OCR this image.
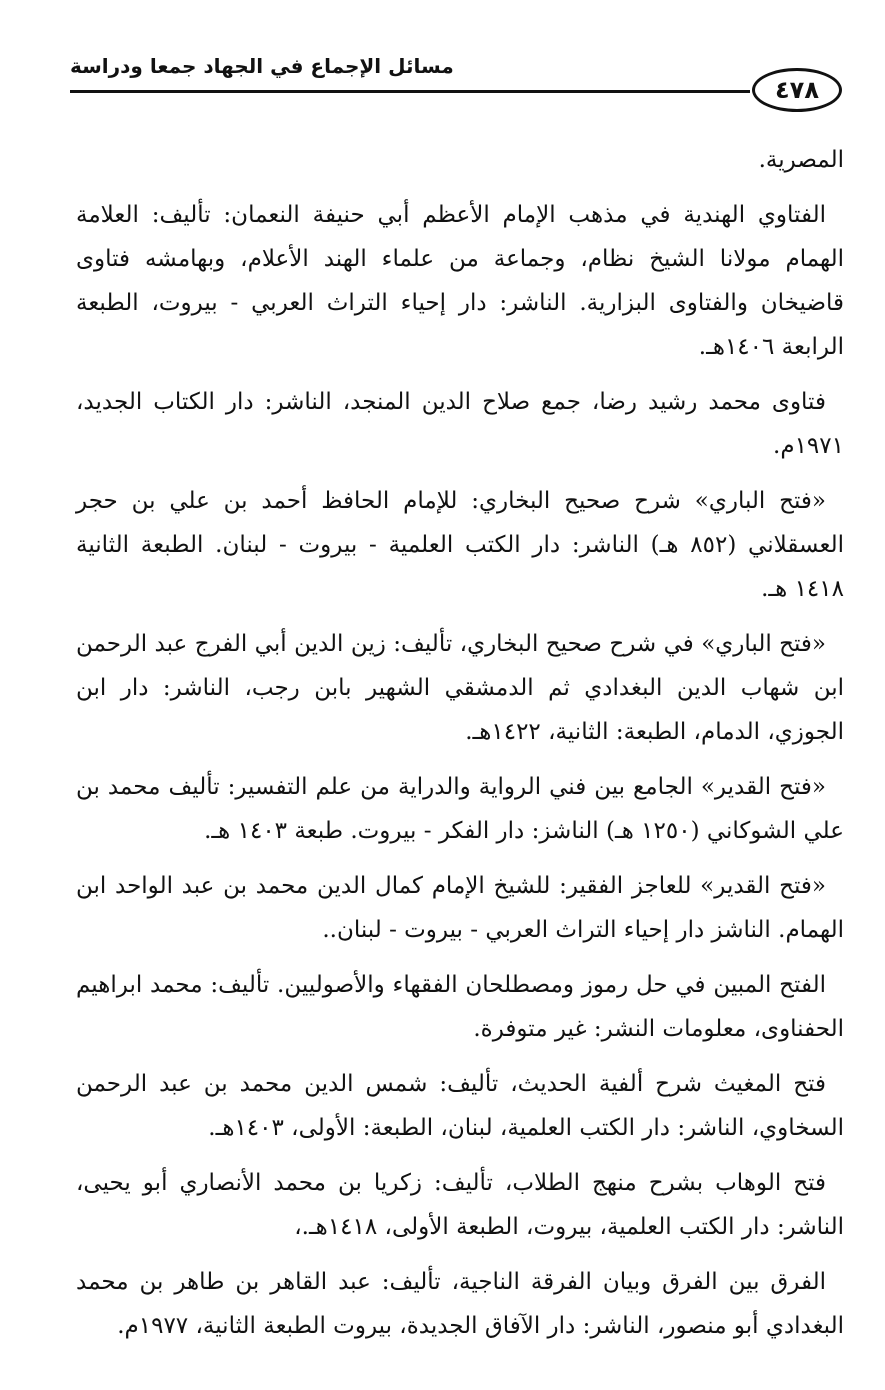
مسائل الإجماع في الجهاد جمعا ودراسة
٤٧٨

المصرية.

الفتاوي الهندية في مذهب الإمام الأعظم أبي حنيفة النعمان: تأليف: العلامة الهمام مولانا الشيخ نظام، وجماعة من علماء الهند الأعلام، وبهامشه فتاوى قاضيخان والفتاوى البزارية. الناشر: دار إحياء التراث العربي - بيروت، الطبعة الرابعة ١٤٠٦هـ.

فتاوى محمد رشيد رضا، جمع صلاح الدين المنجد، الناشر: دار الكتاب الجديد، ١٩٧١م.

«فتح الباري» شرح صحيح البخاري: للإمام الحافظ أحمد بن علي بن حجر العسقلاني (٨٥٢ هـ) الناشر: دار الكتب العلمية - بيروت - لبنان. الطبعة الثانية ١٤١٨ هـ.

«فتح الباري» في شرح صحيح البخاري، تأليف: زين الدين أبي الفرج عبد الرحمن ابن شهاب الدين البغدادي ثم الدمشقي الشهير بابن رجب، الناشر: دار ابن الجوزي، الدمام، الطبعة: الثانية، ١٤٢٢هـ.

«فتح القدير» الجامع بين فني الرواية والدراية من علم التفسير: تأليف محمد بن علي الشوكاني (١٢٥٠ هـ) الناشز: دار الفكر - بيروت. طبعة ١٤٠٣ هـ.

«فتح القدير» للعاجز الفقير: للشيخ الإمام كمال الدين محمد بن عبد الواحد ابن الهمام. الناشز دار إحياء التراث العربي - بيروت - لبنان..

الفتح المبين في حل رموز ومصطلحان الفقهاء والأصوليين. تأليف: محمد ابراهيم الحفناوى، معلومات النشر: غير متوفرة.

فتح المغيث شرح ألفية الحديث، تأليف: شمس الدين محمد بن عبد الرحمن السخاوي، الناشر: دار الكتب العلمية، لبنان، الطبعة: الأولى، ١٤٠٣هـ.

فتح الوهاب بشرح منهج الطلاب، تأليف: زكريا بن محمد الأنصاري أبو يحيى، الناشر: دار الكتب العلمية، بيروت، الطبعة الأولى، ١٤١٨هـ.،

الفرق بين الفرق وبيان الفرقة الناجية، تأليف: عبد القاهر بن طاهر بن محمد البغدادي أبو منصور، الناشر: دار الآفاق الجديدة، بيروت الطبعة الثانية، ١٩٧٧م.
